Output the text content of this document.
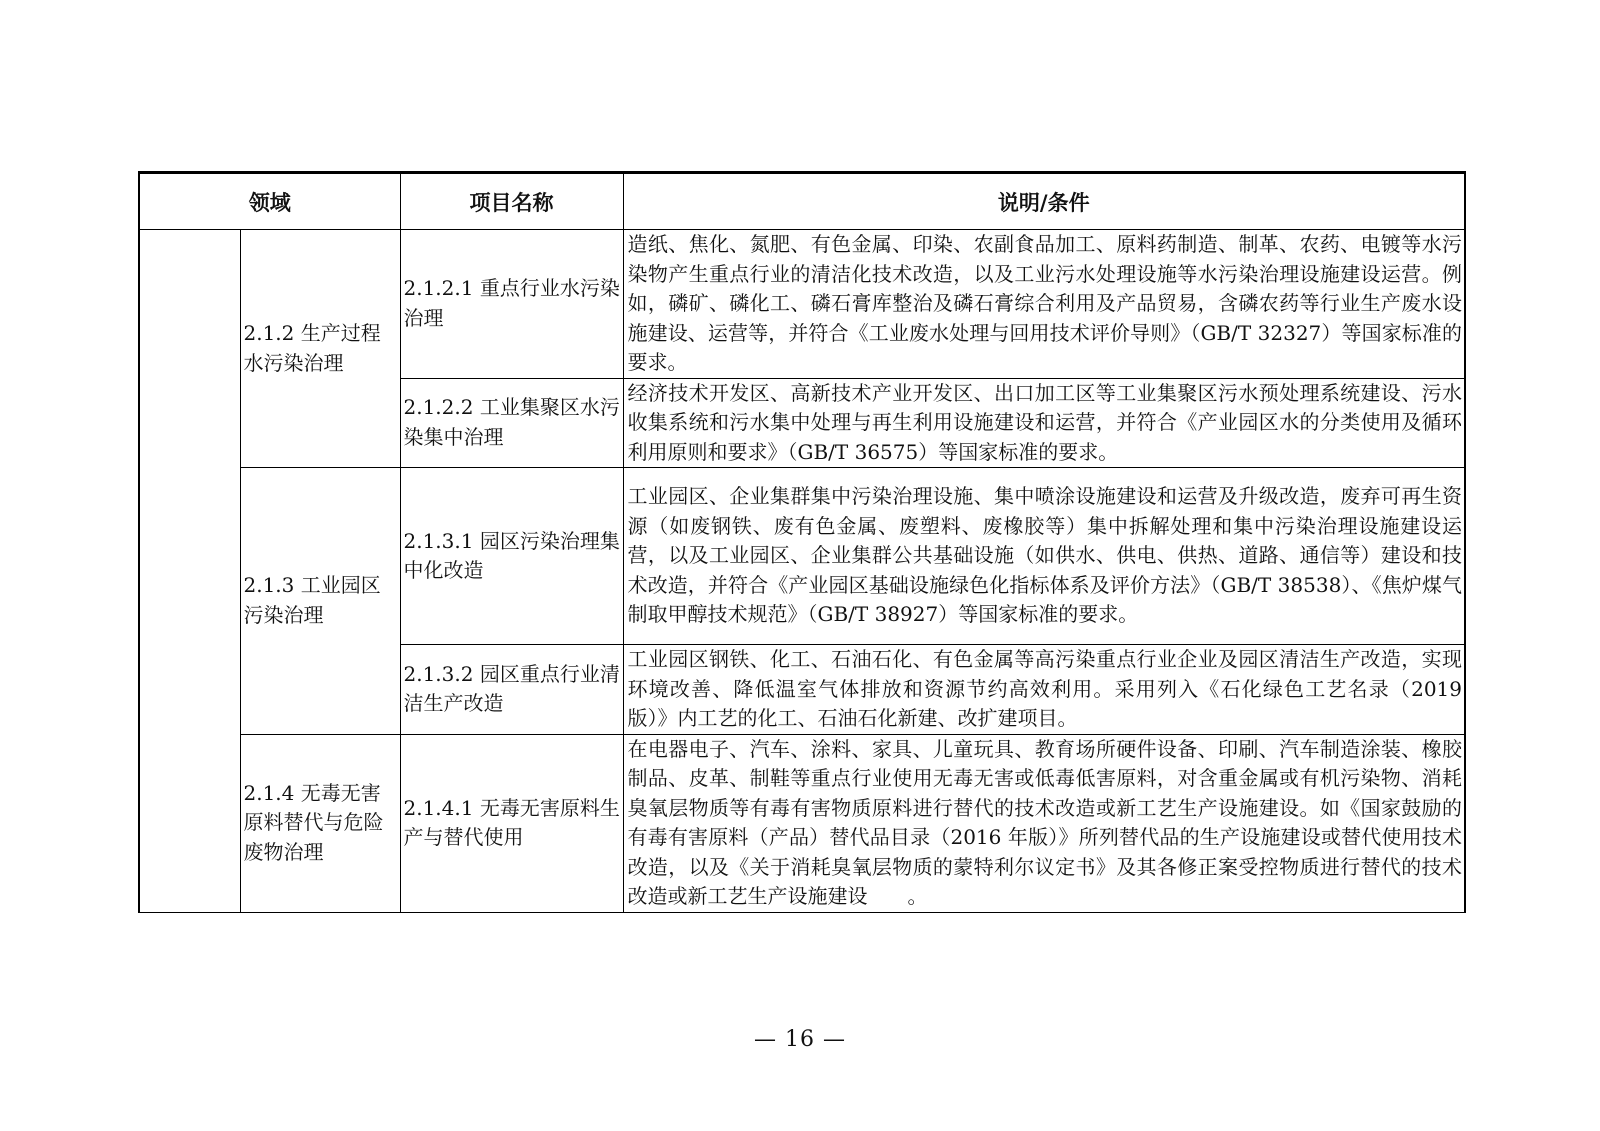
领域		项目名称	说明/条件
	2.1.2 生产过程水污染治理	2.1.2.1 重点行业水污染治理	造纸、焦化、氮肥、有色金属、印染、农副食品加工、原料药制造、制革、农药、电镀等水污染物产生重点行业的清洁化技术改造，以及工业污水处理设施等水污染治理设施建设运营。例如，磷矿、磷化工、磷石膏库整治及磷石膏综合利用及产品贸易，含磷农药等行业生产废水设施建设、运营等，并符合《工业废水处理与回用技术评价导则》（GB/T 32327）等国家标准的要求。
		2.1.2.2 工业集聚区水污染集中治理	经济技术开发区、高新技术产业开发区、出口加工区等工业集聚区污水预处理系统建设、污水收集系统和污水集中处理与再生利用设施建设和运营，并符合《产业园区水的分类使用及循环利用原则和要求》（GB/T 36575）等国家标准的要求。
	2.1.3 工业园区污染治理	2.1.3.1 园区污染治理集中化改造	工业园区、企业集群集中污染治理设施、集中喷涂设施建设和运营及升级改造，废弃可再生资源（如废钢铁、废有色金属、废塑料、废橡胶等）集中拆解处理和集中污染治理设施建设运营，以及工业园区、企业集群公共基础设施（如供水、供电、供热、道路、通信等）建设和技术改造，并符合《产业园区基础设施绿色化指标体系及评价方法》（GB/T 38538）、《焦炉煤气制取甲醇技术规范》（GB/T 38927）等国家标准的要求。
		2.1.3.2 园区重点行业清洁生产改造	工业园区钢铁、化工、石油石化、有色金属等高污染重点行业企业及园区清洁生产改造，实现环境改善、降低温室气体排放和资源节约高效利用。采用列入《石化绿色工艺名录（2019 版）》内工艺的化工、石油石化新建、改扩建项目。
	2.1.4 无毒无害原料替代与危险废物治理	2.1.4.1 无毒无害原料生产与替代使用	在电器电子、汽车、涂料、家具、儿童玩具、教育场所硬件设备、印刷、汽车制造涂装、橡胶制品、皮革、制鞋等重点行业使用无毒无害或低毒低害原料，对含重金属或有机污染物、消耗臭氧层物质等有毒有害物质原料进行替代的技术改造或新工艺生产设施建设。如《国家鼓励的有毒有害原料（产品）替代品目录（2016 年版）》所列替代品的生产设施建设或替代使用技术改造，以及《关于消耗臭氧层物质的蒙特利尔议定书》及其各修正案受控物质进行替代的技术改造或新工艺生产设施建设　　。
— 16 —
